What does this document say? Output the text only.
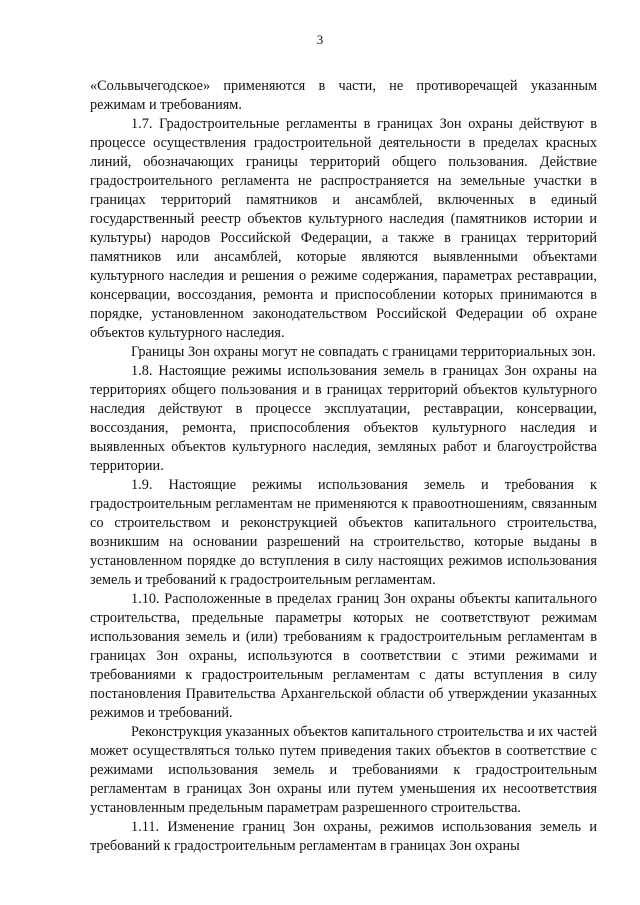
3

«Сольвычегодское» применяются в части, не противоречащей указанным режимам и требованиям.

1.7. Градостроительные регламенты в границах Зон охраны действуют в процессе осуществления градостроительной деятельности в пределах красных линий, обозначающих границы территорий общего пользования. Действие градостроительного регламента не распространяется на земельные участки в границах территорий памятников и ансамблей, включенных в единый государственный реестр объектов культурного наследия (памятников истории и культуры) народов Российской Федерации, а также в границах территорий памятников или ансамблей, которые являются выявленными объектами культурного наследия и решения о режиме содержания, параметрах реставрации, консервации, воссоздания, ремонта и приспособлении которых принимаются в порядке, установленном законодательством Российской Федерации об охране объектов культурного наследия.

Границы Зон охраны могут не совпадать с границами территориальных зон.

1.8. Настоящие режимы использования земель в границах Зон охраны на территориях общего пользования и в границах территорий объектов культурного наследия действуют в процессе эксплуатации, реставрации, консервации, воссоздания, ремонта, приспособления объектов культурного наследия и выявленных объектов культурного наследия, земляных работ и благоустройства территории.

1.9. Настоящие режимы использования земель и требования к градостроительным регламентам не применяются к правоотношениям, связанным со строительством и реконструкцией объектов капитального строительства, возникшим на основании разрешений на строительство, которые выданы в установленном порядке до вступления в силу настоящих режимов использования земель и требований к градостроительным регламентам.

1.10. Расположенные в пределах границ Зон охраны объекты капитального строительства, предельные параметры которых не соответствуют режимам использования земель и (или) требованиям к градостроительным регламентам в границах Зон охраны, используются в соответствии с этими режимами и требованиями к градостроительным регламентам с даты вступления в силу постановления Правительства Архангельской области об утверждении указанных режимов и требований.

Реконструкция указанных объектов капитального строительства и их частей может осуществляться только путем приведения таких объектов в соответствие с режимами использования земель и требованиями к градостроительным регламентам в границах Зон охраны или путем уменьшения их несоответствия установленным предельным параметрам разрешенного строительства.

1.11. Изменение границ Зон охраны, режимов использования земель и требований к градостроительным регламентам в границах Зон охраны
